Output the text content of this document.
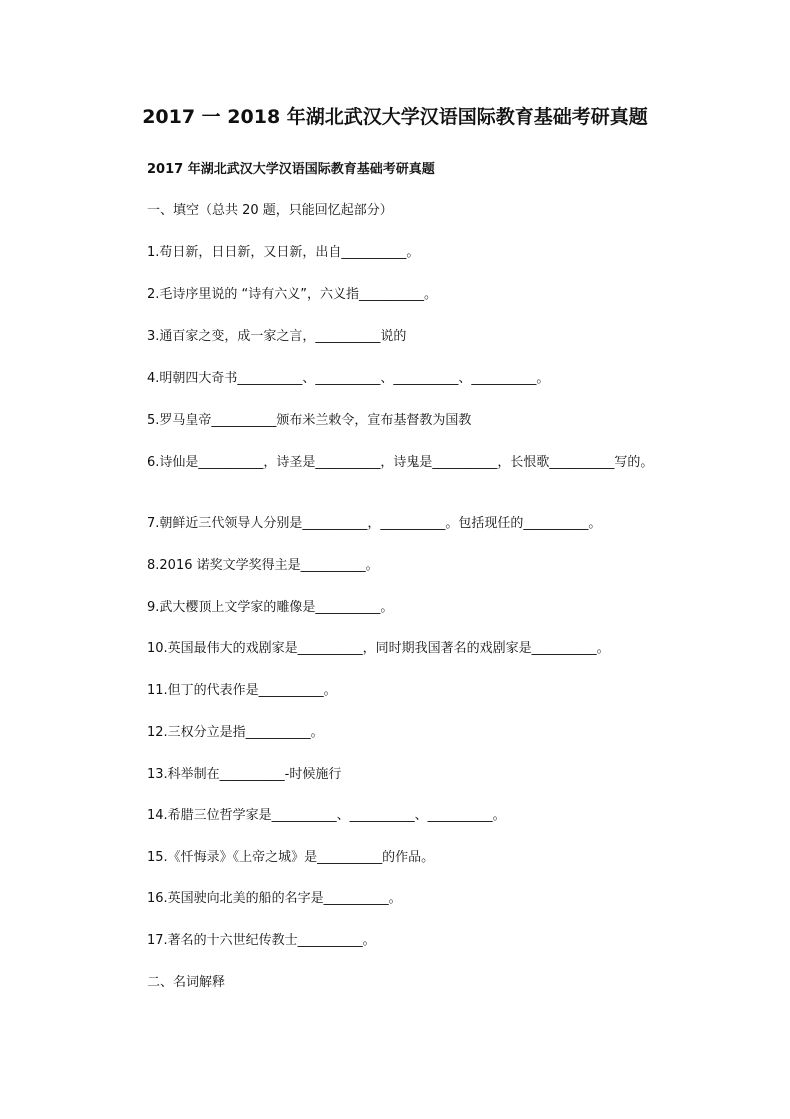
2017 一 2018 年湖北武汉大学汉语国际教育基础考研真题
2017 年湖北武汉大学汉语国际教育基础考研真题
一、填空（总共 20 题，只能回忆起部分）
1.苟日新，日日新，又日新，出自__________。
2.毛诗序里说的 “诗有六义”，六义指__________。
3.通百家之变，成一家之言，__________说的
4.明朝四大奇书__________、__________、__________、__________。
5.罗马皇帝__________颁布米兰敕令，宣布基督教为国教
6.诗仙是__________，诗圣是__________，诗鬼是__________，长恨歌__________写的。
7.朝鲜近三代领导人分别是__________，__________。包括现任的__________。
8.2016 诺奖文学奖得主是__________。
9.武大樱顶上文学家的雕像是__________。
10.英国最伟大的戏剧家是__________，同时期我国著名的戏剧家是__________。
11.但丁的代表作是__________。
12.三权分立是指__________。
13.科举制在__________-时候施行
14.希腊三位哲学家是__________、__________、__________。
15.《忏悔录》《上帝之城》是__________的作品。
16.英国驶向北美的船的名字是__________。
17.著名的十六世纪传教士__________。
二、名词解释
